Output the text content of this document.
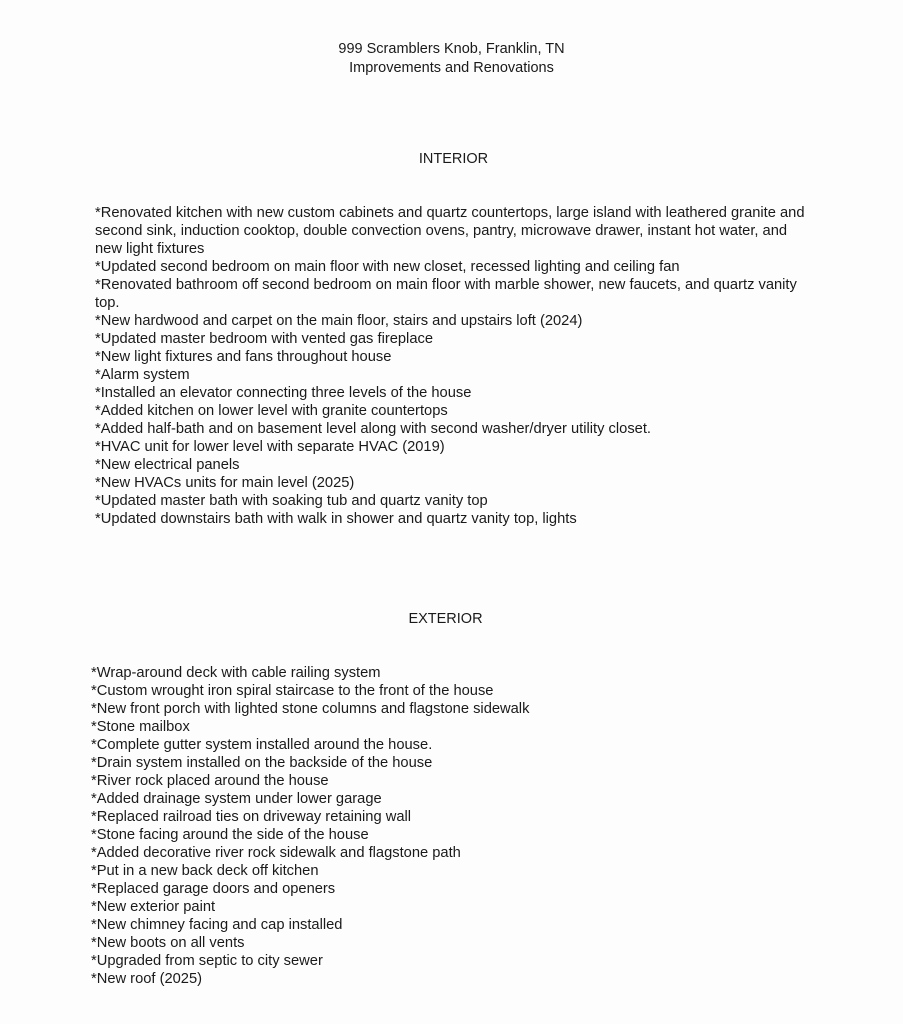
999 Scramblers Knob, Franklin, TN
Improvements and Renovations
INTERIOR
*Renovated kitchen with new custom cabinets and quartz countertops, large island with leathered granite and second sink, induction cooktop, double convection ovens, pantry, microwave drawer, instant hot water, and new light fixtures
*Updated second bedroom on main floor with new closet, recessed lighting and ceiling fan
*Renovated bathroom off second bedroom on main floor with marble shower, new faucets, and quartz vanity top.
*New hardwood and carpet on the main floor, stairs and upstairs loft (2024)
*Updated master bedroom with vented gas fireplace
*New light fixtures and fans throughout house
*Alarm system
*Installed an elevator connecting three levels of the house
*Added kitchen on lower level with granite countertops
*Added half-bath and on basement level along with second washer/dryer utility closet.
*HVAC unit for lower level with separate HVAC (2019)
*New electrical panels
*New HVACs units for main level (2025)
*Updated master bath with soaking tub and quartz vanity top
*Updated downstairs bath with walk in shower and quartz vanity top, lights
EXTERIOR
*Wrap-around deck with cable railing system
*Custom wrought iron spiral staircase to the front of the house
*New front porch with lighted stone columns and flagstone sidewalk
*Stone mailbox
*Complete gutter system installed around the house.
*Drain system installed on the backside of the house
*River rock placed around the house
*Added drainage system under lower garage
*Replaced railroad ties on driveway retaining wall
*Stone facing around the side of the house
*Added decorative river rock sidewalk and flagstone path
*Put in a new back deck off kitchen
*Replaced garage doors and openers
*New exterior paint
*New chimney facing and cap installed
*New boots on all vents
*Upgraded from septic to city sewer
*New roof (2025)
